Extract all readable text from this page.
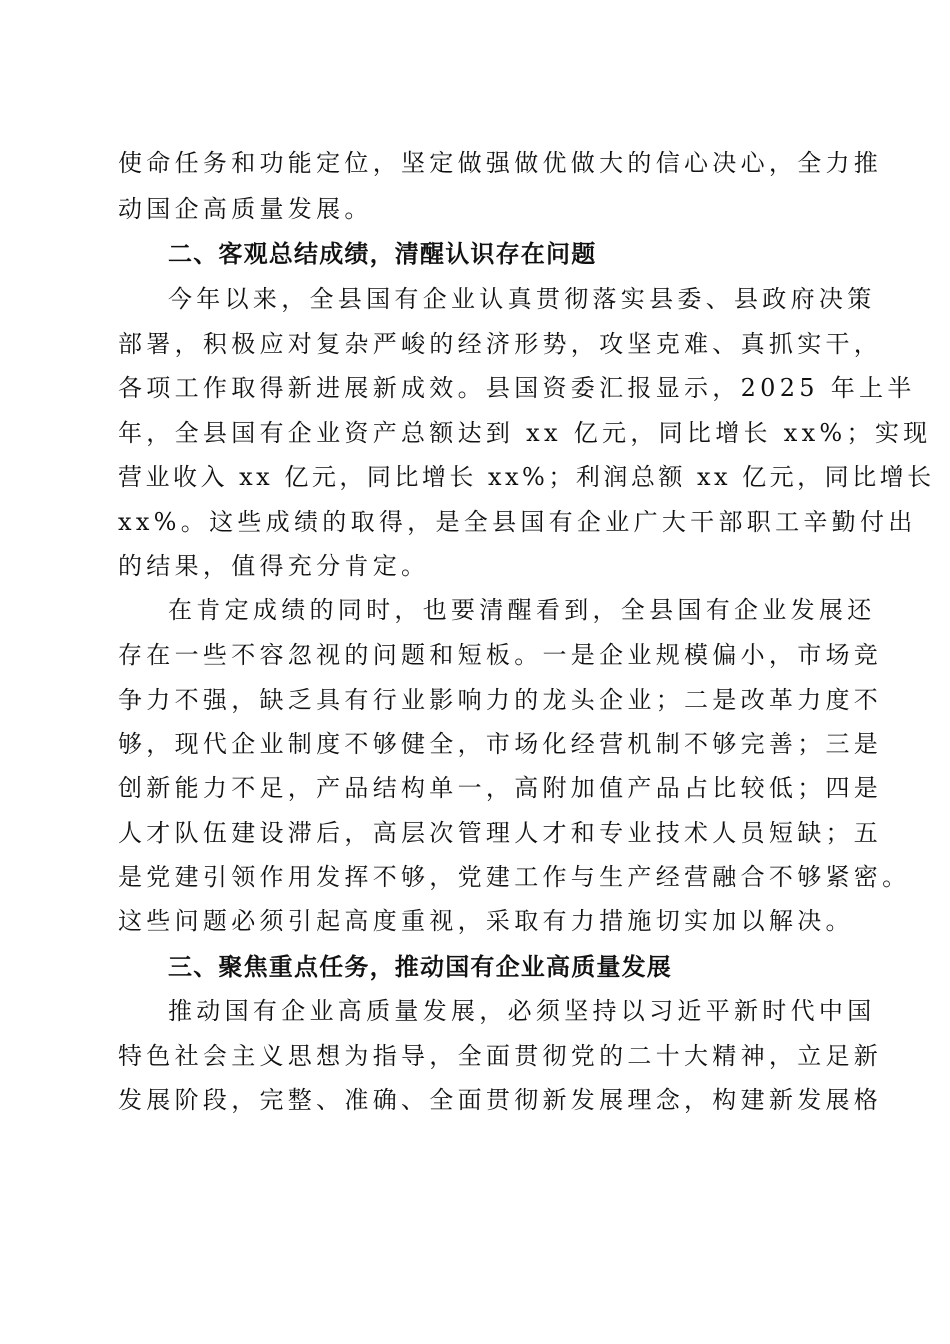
使命任务和功能定位，坚定做强做优做大的信心决心，全力推
动国企高质量发展。
二、客观总结成绩，清醒认识存在问题
今年以来，全县国有企业认真贯彻落实县委、县政府决策
部署，积极应对复杂严峻的经济形势，攻坚克难、真抓实干，
各项工作取得新进展新成效。县国资委汇报显示，2025 年上半
年，全县国有企业资产总额达到 xx 亿元，同比增长 xx%；实现
营业收入 xx 亿元，同比增长 xx%；利润总额 xx 亿元，同比增长
xx%。这些成绩的取得，是全县国有企业广大干部职工辛勤付出
的结果，值得充分肯定。
在肯定成绩的同时，也要清醒看到，全县国有企业发展还
存在一些不容忽视的问题和短板。一是企业规模偏小，市场竞
争力不强，缺乏具有行业影响力的龙头企业；二是改革力度不
够，现代企业制度不够健全，市场化经营机制不够完善；三是
创新能力不足，产品结构单一，高附加值产品占比较低；四是
人才队伍建设滞后，高层次管理人才和专业技术人员短缺；五
是党建引领作用发挥不够，党建工作与生产经营融合不够紧密。
这些问题必须引起高度重视，采取有力措施切实加以解决。
三、聚焦重点任务，推动国有企业高质量发展
推动国有企业高质量发展，必须坚持以习近平新时代中国
特色社会主义思想为指导，全面贯彻党的二十大精神，立足新
发展阶段，完整、准确、全面贯彻新发展理念，构建新发展格
